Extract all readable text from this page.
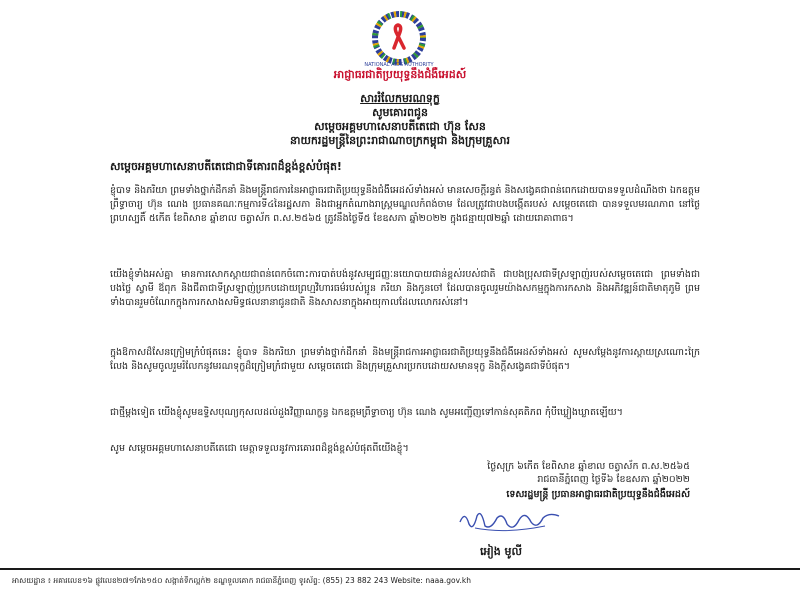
NATIONAL AIDS AUTHORITY
អាជ្ញាធរជាតិប្រយុទ្ធនឹងជំងឺអេដស៍
សាររំលែកមរណទុក្ខ
សូមគោរពជូន
សម្តេចអគ្គមហាសេនាបតីតេជោ ហ៊ុន សែន
នាយករដ្ឋមន្ត្រីនៃព្រះរាជាណាចក្រកម្ពុជា និងក្រុមគ្រួសារ
សម្តេចអគ្គមហាសេនាបតីតេជោជាទីគោរពដ៏ខ្ពង់ខ្ពស់បំផុត!
ខ្ញុំបាទ និងភរិយា ព្រមទាំងថ្នាក់ដឹកនាំ និងមន្ត្រីរាជការនៃអាជ្ញាធរជាតិប្រយុទ្ធនឹងជំងឺអេដស៍ទាំងអស់ មានសេចក្តីរន្ធត់ និងសង្វេគជាពន់ពេកដោយបានទទួលដំណឹងថា ឯកឧត្តមព្រឹទ្ធាចារ្យ ហ៊ុន ណេង ប្រធានគណៈកម្មការទី៤នៃរដ្ឋសភា និងជាអ្នកតំណាងរាស្ត្រមណ្ឌលកំពង់ចាម ដែលត្រូវជាបងបង្កើតរបស់ សម្តេចតេជោ បានទទួលមរណភាព នៅថ្ងៃព្រហស្បតិ៍ ៥កើត ខែពិសាខ ឆ្នាំខាល ចត្វាស័ក ព.ស.២៥៦៥ ត្រូវនឹងថ្ងៃទី៥ ខែឧសភា ឆ្នាំ២០២២ ក្នុងជន្មាយុ៧២ឆ្នាំ ដោយរោគាពាធ។
យើងខ្ញុំទាំងអស់គ្នា មានការសោកស្តាយជាពន់ពេកចំពោះការបាត់បង់នូវសម្បជញ្ញៈនយោបាយជាន់ខ្ពស់របស់ជាតិ ជាបងប្រុសជាទីស្រឡាញ់របស់សម្តេចតេជោ ព្រមទាំងជា បងថ្លៃ ស្វាមី ឪពុក និងជីតាជាទីស្រឡាញ់ប្រកបដោយព្រហ្មវិហារធម៌របស់ប្អូន ភរិយា និងកូនចៅ ដែលបានចូលរួមយ៉ាងសកម្មក្នុងការកសាង និងអភិវឌ្ឍន៍ជាតិមាតុភូមិ ព្រមទាំងបានរួមចំណែកក្នុងការកសាងសមិទ្ធផលនានាជូនជាតិ និងសាសនាក្នុងអាយុកាលដែលលោករស់នៅ។
ក្នុងឱកាសដ៏សែនក្រៀមក្រំបំផុតនេះ ខ្ញុំបាទ និងភរិយា ព្រមទាំងថ្នាក់ដឹកនាំ និងមន្ត្រីរាជការអាជ្ញាធរជាតិប្រយុទ្ធនឹងជំងឺអេដស៍ទាំងអស់ សូមសម្តែងនូវការស្តាយស្រណោះក្រៃលែង និងសូមចូលរួមរំលែកនូវមរណទុក្ខដ៏ក្រៀមក្រំជាមួយ សម្តេចតេជោ និងក្រុមគ្រួសារប្រកបដោយសមានទុក្ខ និងក្តីសង្វេគជាទីបំផុត។
ជាថ្មីម្តងទៀត យើងខ្ញុំសូមឧទ្ទិសបុណ្យកុសលដល់ដួងវិញ្ញាណក្ខន្ធ ឯកឧត្តមព្រឹទ្ធាចារ្យ ហ៊ុន ណេង សូមអញ្ជើញទៅកាន់សុគតិភព កុំបីឃ្លៀងឃ្លាតឡើយ។
សូម សម្តេចអគ្គមហាសេនាបតីតេជោ មេត្តាទទួលនូវការគោរពដ៏ខ្ពង់ខ្ពស់បំផុតពីយើងខ្ញុំ។
ថ្ងៃសុក្រ ៦កើត ខែពិសាខ ឆ្នាំខាល ចត្វាស័ក ព.ស.២៥៦៥
រាជធានីភ្នំពេញ ថ្ងៃទី៦ ខែឧសភា ឆ្នាំ២០២២
ទេសរដ្ឋមន្ត្រី ប្រធានអាជ្ញាធរជាតិប្រយុទ្ធនឹងជំងឺអេដស៍
អៀង មូលី
អាសយដ្ឋាន ៖ អគារលេខ១៦ ផ្លូវលេខ២៧១កែង១៥០ សង្កាត់ទឹកល្អក់២ ខណ្ឌទួលគោក រាជធានីភ្នំពេញ ទូរស័ព្ទ: (855) 23 882 243 Website: naaa.gov.kh
